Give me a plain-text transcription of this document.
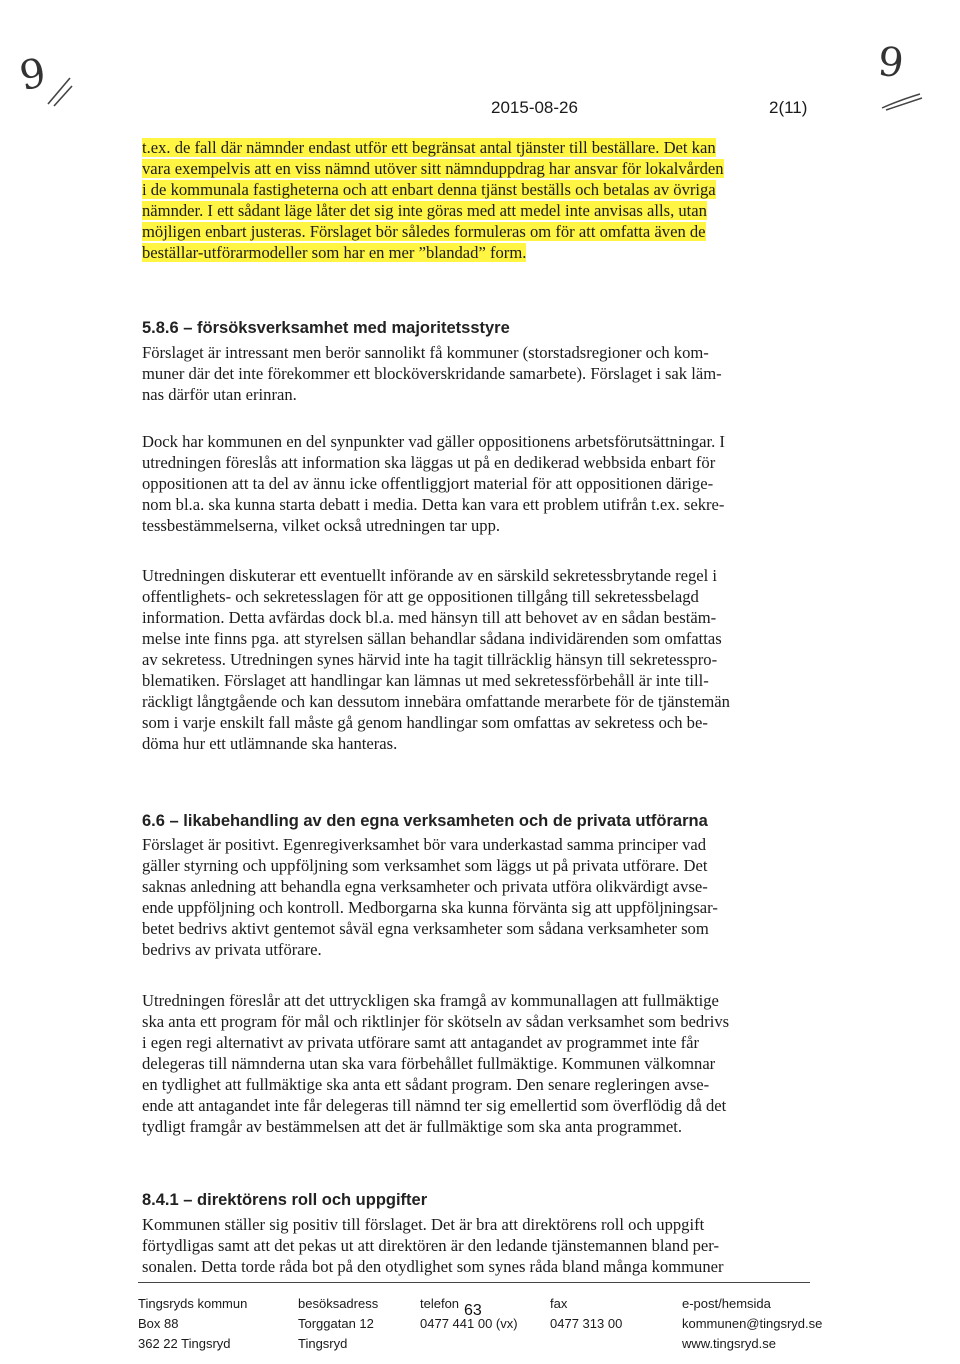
9	9
2015-08-26	2(11)
t.ex. de fall där nämnder endast utför ett begränsat antal tjänster till beställare. Det kan
vara exempelvis att en viss nämnd utöver sitt nämnduppdrag har ansvar för lokalvården
i de kommunala fastigheterna och att enbart denna tjänst beställs och betalas av övriga
nämnder. I ett sådant läge låter det sig inte göras med att medel inte anvisas alls, utan
möjligen enbart justeras. Förslaget bör således formuleras om för att omfatta även de
beställar-utförarmodeller som har en mer ”blandad” form.
5.8.6 – försöksverksamhet med majoritetsstyre
Förslaget är intressant men berör sannolikt få kommuner (storstadsregioner och kom-
muner där det inte förekommer ett blocköverskridande samarbete). Förslaget i sak läm-
nas därför utan erinran.
Dock har kommunen en del synpunkter vad gäller oppositionens arbetsförutsättningar. I
utredningen föreslås att information ska läggas ut på en dedikerad webbsida enbart för
oppositionen att ta del av ännu icke offentliggjort material för att oppositionen därige-
nom bl.a. ska kunna starta debatt i media. Detta kan vara ett problem utifrån t.ex. sekre-
tessbestämmelserna, vilket också utredningen tar upp.
Utredningen diskuterar ett eventuellt införande av en särskild sekretessbrytande regel i
offentlighets- och sekretesslagen för att ge oppositionen tillgång till sekretessbelagd
information. Detta avfärdas dock bl.a. med hänsyn till att behovet av en sådan bestäm-
melse inte finns pga. att styrelsen sällan behandlar sådana individärenden som omfattas
av sekretess. Utredningen synes härvid inte ha tagit tillräcklig hänsyn till sekretesspro-
blematiken. Förslaget att handlingar kan lämnas ut med sekretessförbehåll är inte till-
räckligt långtgående och kan dessutom innebära omfattande merarbete för de tjänstemän
som i varje enskilt fall måste gå genom handlingar som omfattas av sekretess och be-
döma hur ett utlämnande ska hanteras.
6.6 – likabehandling av den egna verksamheten och de privata utförarna
Förslaget är positivt. Egenregiverksamhet bör vara underkastad samma principer vad
gäller styrning och uppföljning som verksamhet som läggs ut på privata utförare. Det
saknas anledning att behandla egna verksamheter och privata utföra olikvärdigt avse-
ende uppföljning och kontroll. Medborgarna ska kunna förvänta sig att uppföljningsar-
betet bedrivs aktivt gentemot såväl egna verksamheter som sådana verksamheter som
bedrivs av privata utförare.
Utredningen föreslår att det uttryckligen ska framgå av kommunallagen att fullmäktige
ska anta ett program för mål och riktlinjer för skötseln av sådan verksamhet som bedrivs
i egen regi alternativt av privata utförare samt att antagandet av programmet inte får
delegeras till nämnderna utan ska vara förbehållet fullmäktige. Kommunen välkomnar
en tydlighet att fullmäktige ska anta ett sådant program. Den senare regleringen avse-
ende att antagandet inte får delegeras till nämnd ter sig emellertid som överflödig då det
tydligt framgår av bestämmelsen att det är fullmäktige som ska anta programmet.
8.4.1 – direktörens roll och uppgifter
Kommunen ställer sig positiv till förslaget. Det är bra att direktörens roll och uppgift
förtydligas samt att det pekas ut att direktören är den ledande tjänstemannen bland per-
sonalen. Detta torde råda bot på den otydlighet som synes råda bland många kommuner
Tingsryds kommun
Box 88
362 22 Tingsryd
besöksadress
Torggatan 12
Tingsryd
telefon
0477 441 00 (vx)
fax
0477 313 00
e-post/hemsida
kommunen@tingsryd.se
www.tingsryd.se
63
